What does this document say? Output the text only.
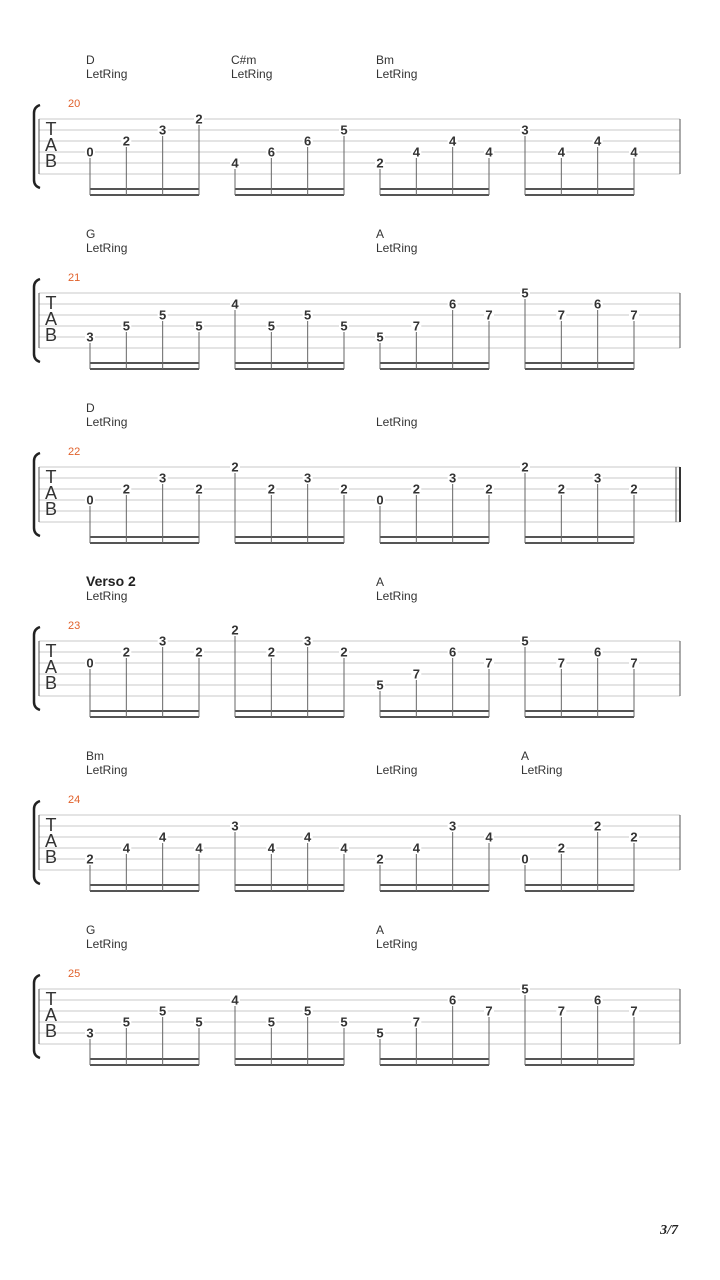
D
LetRing
C#m
LetRing
Bm
LetRing
20
T
A
B 0
2
3
2
4
6
6
5
2
4
4
4
3
4
4
4
G
LetRing
A
LetRing
21
T
A
B 3
5
5
5
4
5
5
5
5
7
6
7
5
7
6
7
D
LetRing	LetRing
22
T
A
B 0
2
3
2
2
2
3
2
0
2
3
2
2
2
3
2
Verso 2
LetRing
A
LetRing
23
T
A
B
0
2
3
2
2
2
3
2
5
7
6
7
5
7
6
7
Bm
LetRing	LetRing
A
LetRing
24
T
A
B 2
4
4
4
3
4
4
4
2
4
3
4
0
2
2
2
G
LetRing
A
LetRing
25
T
A
B 3
5
5
5
4
5
5
5
5
7
6
7
5
7
6
7
3/7
